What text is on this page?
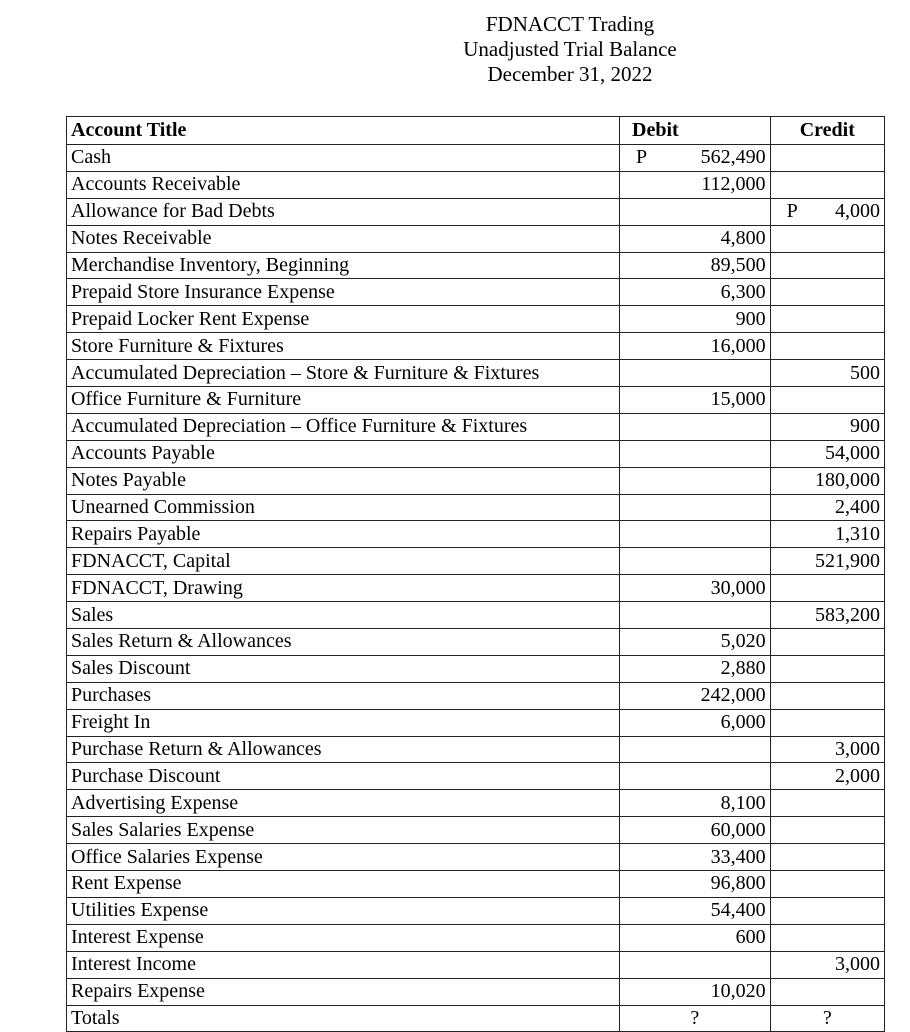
FDNACCT Trading
Unadjusted Trial Balance
December 31, 2022
Account Title	Debit	Credit
Cash	P 562,490	
Accounts Receivable	112,000	
Allowance for Bad Debts		P 4,000
Notes Receivable	4,800	
Merchandise Inventory, Beginning	89,500	
Prepaid Store Insurance Expense	6,300	
Prepaid Locker Rent Expense	900	
Store Furniture & Fixtures	16,000	
Accumulated Depreciation – Store & Furniture & Fixtures		500
Office Furniture & Furniture	15,000	
Accumulated Depreciation – Office Furniture & Fixtures		900
Accounts Payable		54,000
Notes Payable		180,000
Unearned Commission		2,400
Repairs Payable		1,310
FDNACCT, Capital		521,900
FDNACCT, Drawing	30,000	
Sales		583,200
Sales Return & Allowances	5,020	
Sales Discount	2,880	
Purchases	242,000	
Freight In	6,000	
Purchase Return & Allowances		3,000
Purchase Discount		2,000
Advertising Expense	8,100	
Sales Salaries Expense	60,000	
Office Salaries Expense	33,400	
Rent Expense	96,800	
Utilities Expense	54,400	
Interest Expense	600	
Interest Income		3,000
Repairs Expense	10,020	
Totals	?	?
